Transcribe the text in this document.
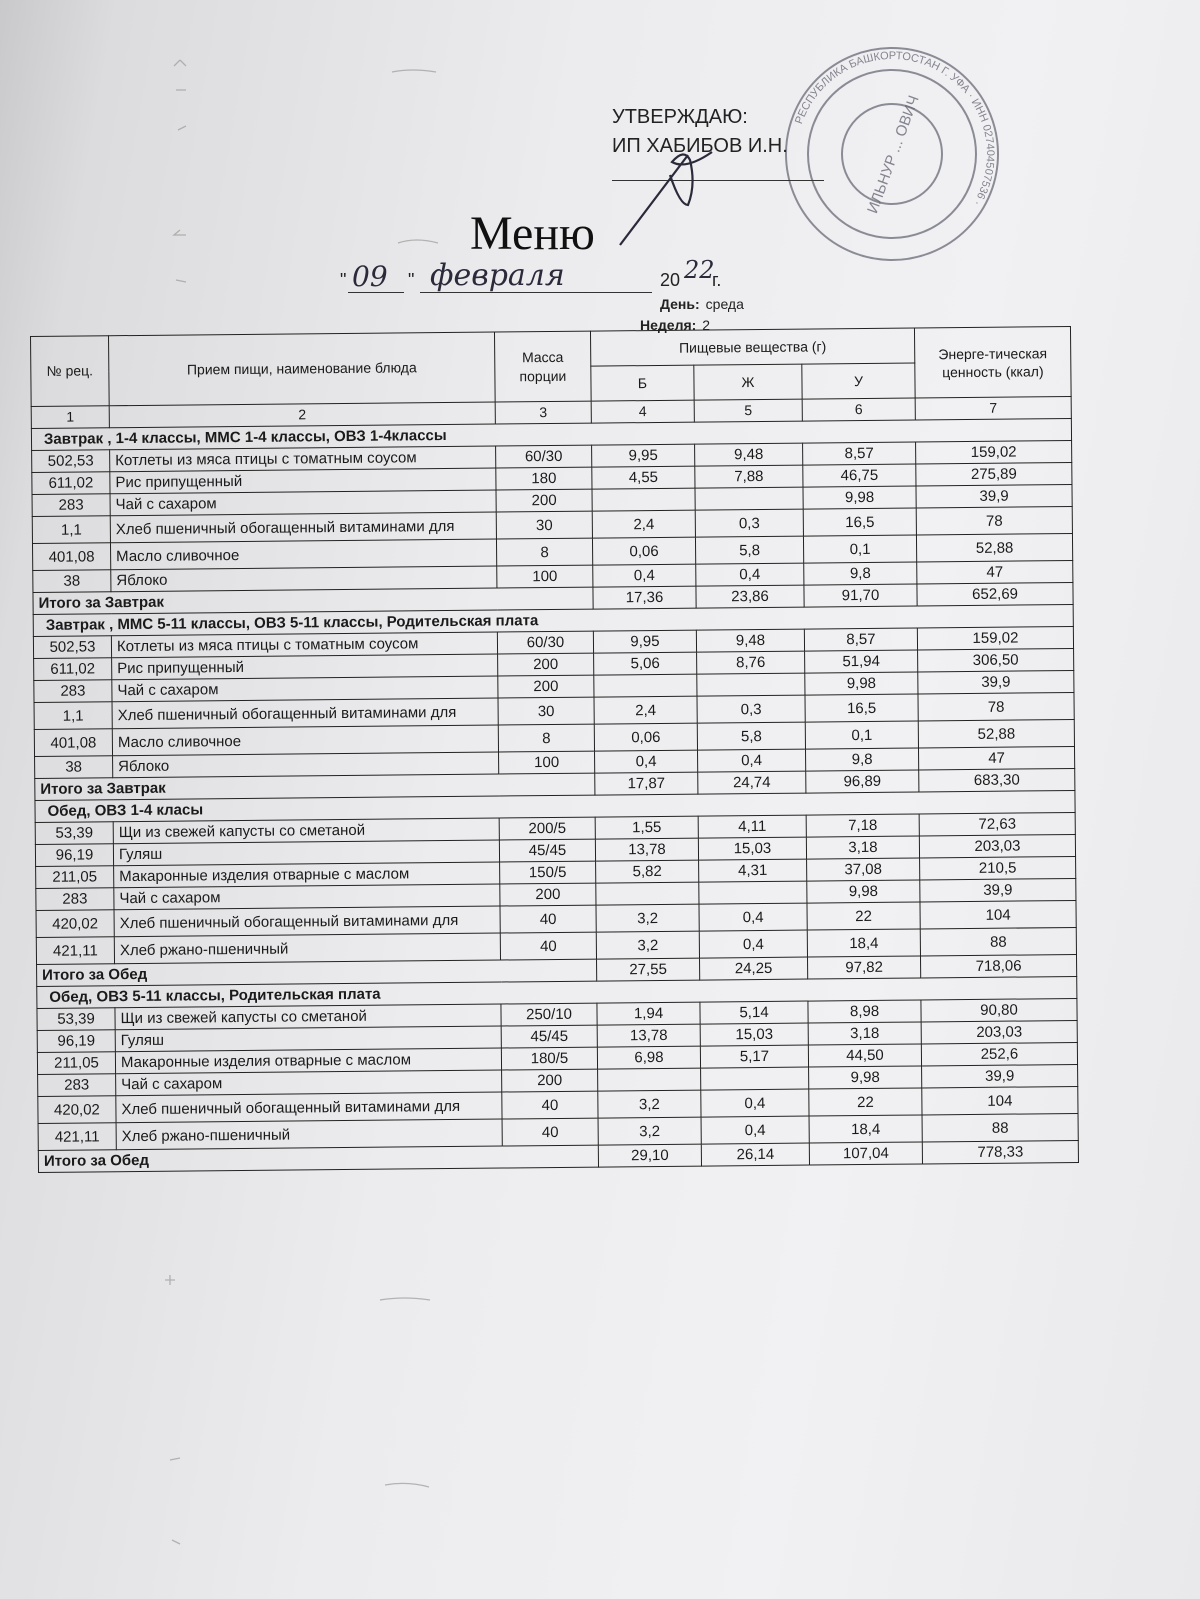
РЕСПУБЛИКА БАШКОРТОСТАН Г. УФА · ИНН 027404507536 ·
ИЛЬНУР ... ОВИЧ
УТВЕРЖДАЮ:
ИП ХАБИБОВ И.Н.
Меню
" 09 " февраля	20 22
г.
День: среда
Неделя: 2
№ рец.	Прием пищи, наименование блюда	Масса порции	Пищевые вещества (г)			Энерге-тическая ценность (ккал)
			Б	Ж	У	
1	2	3	4	5	6	7
Завтрак , 1-4 классы, ММС 1-4 классы, ОВЗ 1-4классы						
502,53	Котлеты из мяса птицы с томатным соусом	60/30	9,95	9,48	8,57	159,02
611,02	Рис припущенный	180	4,55	7,88	46,75	275,89
283	Чай с сахаром	200			9,98	39,9
1,1	Хлеб пшеничный обогащенный витаминами для	30	2,4	0,3	16,5	78
401,08	Масло сливочное	8	0,06	5,8	0,1	52,88
38	Яблоко	100	0,4	0,4	9,8	47
Итого за Завтрак			17,36	23,86	91,70	652,69
Завтрак , ММС 5-11 классы, ОВЗ 5-11 классы, Родительская плата						
502,53	Котлеты из мяса птицы с томатным соусом	60/30	9,95	9,48	8,57	159,02
611,02	Рис припущенный	200	5,06	8,76	51,94	306,50
283	Чай с сахаром	200			9,98	39,9
1,1	Хлеб пшеничный обогащенный витаминами для	30	2,4	0,3	16,5	78
401,08	Масло сливочное	8	0,06	5,8	0,1	52,88
38	Яблоко	100	0,4	0,4	9,8	47
Итого за Завтрак			17,87	24,74	96,89	683,30
Обед, ОВЗ 1-4 класы						
53,39	Щи из свежей капусты со сметаной	200/5	1,55	4,11	7,18	72,63
96,19	Гуляш	45/45	13,78	15,03	3,18	203,03
211,05	Макаронные изделия отварные с маслом	150/5	5,82	4,31	37,08	210,5
283	Чай с сахаром	200			9,98	39,9
420,02	Хлеб пшеничный обогащенный витаминами для	40	3,2	0,4	22	104
421,11	Хлеб ржано-пшеничный	40	3,2	0,4	18,4	88
Итого за Обед			27,55	24,25	97,82	718,06
Обед, ОВЗ 5-11 классы, Родительская плата						
53,39	Щи из свежей капусты со сметаной	250/10	1,94	5,14	8,98	90,80
96,19	Гуляш	45/45	13,78	15,03	3,18	203,03
211,05	Макаронные изделия отварные с маслом	180/5	6,98	5,17	44,50	252,6
283	Чай с сахаром	200			9,98	39,9
420,02	Хлеб пшеничный обогащенный витаминами для	40	3,2	0,4	22	104
421,11	Хлеб ржано-пшеничный	40	3,2	0,4	18,4	88
Итого за Обед			29,10	26,14	107,04	778,33
